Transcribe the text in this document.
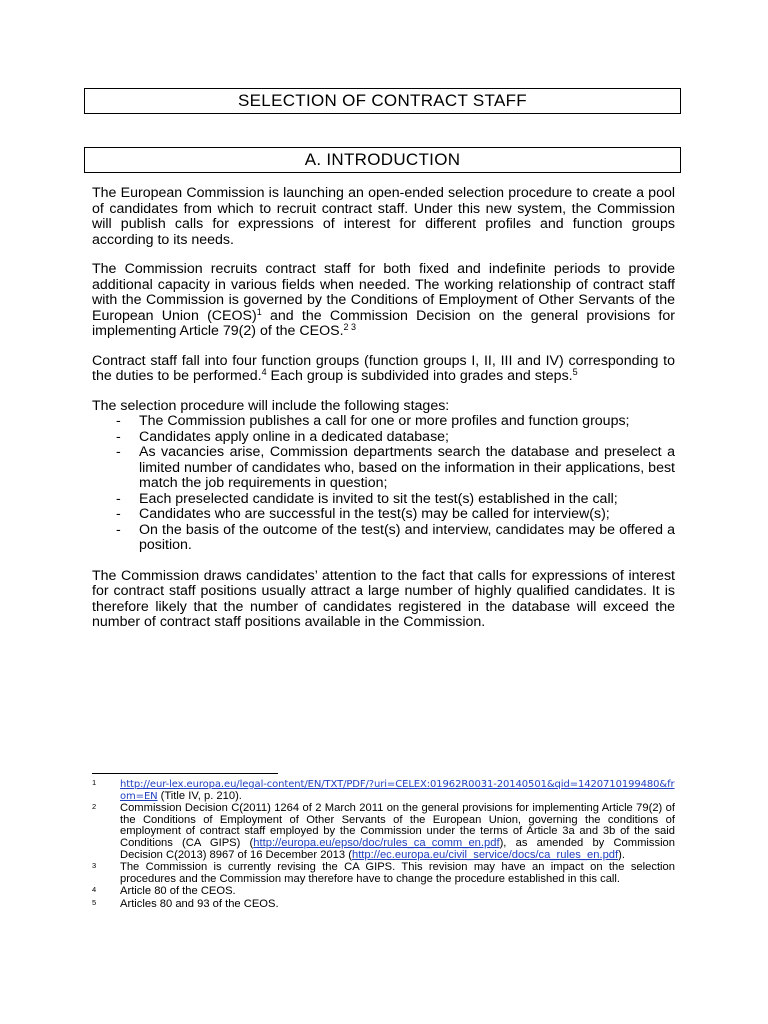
SELECTION OF CONTRACT STAFF
A. INTRODUCTION

The European Commission is launching an open-ended selection procedure to create a pool of candidates from which to recruit contract staff. Under this new system, the Commission will publish calls for expressions of interest for different profiles and function groups according to its needs.

The Commission recruits contract staff for both fixed and indefinite periods to provide additional capacity in various fields when needed. The working relationship of contract staff with the Commission is governed by the Conditions of Employment of Other Servants of the European Union (CEOS)$^1$ and the Commission Decision on the general provisions for implementing Article 79(2) of the CEOS.$^{2 3}$

Contract staff fall into four function groups (function groups I, II, III and IV) corresponding to the duties to be performed.$^4$ Each group is subdivided into grades and steps.$^5$

The selection procedure will include the following stages:
- The Commission publishes a call for one or more profiles and function groups;
- Candidates apply online in a dedicated database;
- As vacancies arise, Commission departments search the database and preselect a limited number of candidates who, based on the information in their applications, best match the job requirements in question;
- Each preselected candidate is invited to sit the test(s) established in the call;
- Candidates who are successful in the test(s) may be called for interview(s);
- On the basis of the outcome of the test(s) and interview, candidates may be offered a position.

The Commission draws candidates’ attention to the fact that calls for expressions of interest for contract staff positions usually attract a large number of highly qualified candidates. It is therefore likely that the number of candidates registered in the database will exceed the number of contract staff positions available in the Commission.

1 http://eur-lex.europa.eu/legal-content/EN/TXT/PDF/?uri=CELEX:01962R0031-20140501&qid=1420710199480&from=EN (Title IV, p. 210).
2 Commission Decision C(2011) 1264 of 2 March 2011 on the general provisions for implementing Article 79(2) of the Conditions of Employment of Other Servants of the European Union, governing the conditions of employment of contract staff employed by the Commission under the terms of Article 3a and 3b of the said Conditions (CA GIPS) (http://europa.eu/epso/doc/rules_ca_comm_en.pdf), as amended by Commission Decision C(2013) 8967 of 16 December 2013 (http://ec.europa.eu/civil_service/docs/ca_rules_en.pdf).
3 The Commission is currently revising the CA GIPS. This revision may have an impact on the selection procedures and the Commission may therefore have to change the procedure established in this call.
4 Article 80 of the CEOS.
5 Articles 80 and 93 of the CEOS.
